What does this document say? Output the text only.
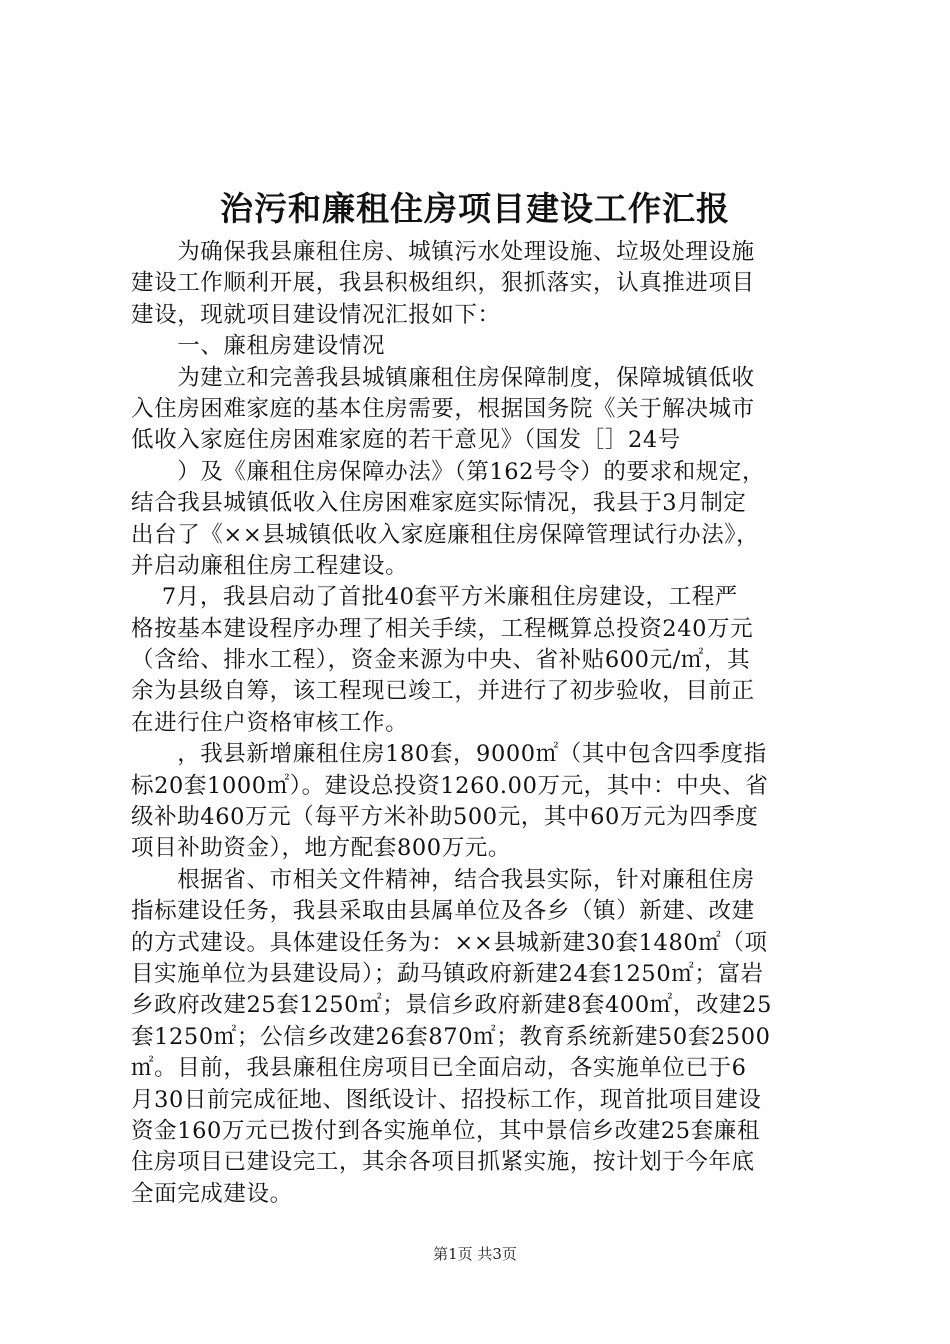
治污和廉租住房项目建设工作汇报
　　为确保我县廉租住房、城镇污水处理设施、垃圾处理设施
建设工作顺利开展，我县积极组织，狠抓落实，认真推进项目
建设，现就项目建设情况汇报如下：
　　一、廉租房建设情况
　　为建立和完善我县城镇廉租住房保障制度，保障城镇低收
入住房困难家庭的基本住房需要，根据国务院《关于解决城市
低收入家庭住房困难家庭的若干意见》（国发［］24号
　　）及《廉租住房保障办法》（第162号令）的要求和规定，
结合我县城镇低收入住房困难家庭实际情况，我县于3月制定
出台了《××县城镇低收入家庭廉租住房保障管理试行办法》，
并启动廉租住房工程建设。
　 7月，我县启动了首批40套平方米廉租住房建设，工程严
格按基本建设程序办理了相关手续，工程概算总投资240万元
（含给、排水工程），资金来源为中央、省补贴600元/㎡，其
余为县级自筹，该工程现已竣工，并进行了初步验收，目前正
在进行住户资格审核工作。
　　，我县新增廉租住房180套，9000㎡（其中包含四季度指
标20套1000㎡）。建设总投资1260.00万元，其中：中央、省
级补助460万元（每平方米补助500元，其中60万元为四季度
项目补助资金），地方配套800万元。
　　根据省、市相关文件精神，结合我县实际，针对廉租住房
指标建设任务，我县采取由县属单位及各乡（镇）新建、改建
的方式建设。具体建设任务为：××县城新建30套1480㎡（项
目实施单位为县建设局）；勐马镇政府新建24套1250㎡；富岩
乡政府改建25套1250㎡；景信乡政府新建8套400㎡，改建25
套1250㎡；公信乡改建26套870㎡；教育系统新建50套2500
㎡。目前，我县廉租住房项目已全面启动，各实施单位已于6
月30日前完成征地、图纸设计、招投标工作，现首批项目建设
资金160万元已拨付到各实施单位，其中景信乡改建25套廉租
住房项目已建设完工，其余各项目抓紧实施，按计划于今年底
全面完成建设。
第1页 共3页
